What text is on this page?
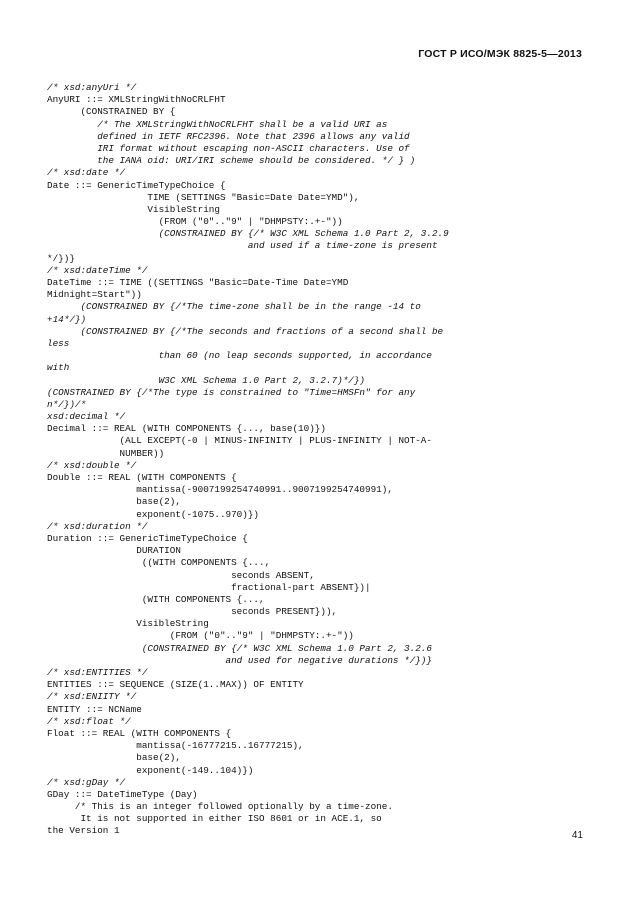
ГОСТ Р ИСО/МЭК 8825-5—2013
/* xsd:anyUri */
AnyURI ::= XMLStringWithNoCRLFHT
(CONSTRAINED BY {
/* The XMLStringWithNoCRLFHT shall be a valid URI as
defined in IETF RFC2396. Note that 2396 allows any valid
IRI format without escaping non-ASCII characters. Use of
the IANA oid: URI/IRI scheme should be considered. */ } )
/* xsd:date */
Date ::= GenericTimeTypeChoice {
TIME (SETTINGS "Basic=Date Date=YMD"),
VisibleString
(FROM ("0".."9" | "DHMPSTY:.+-"))
(CONSTRAINED BY {/* W3C XML Schema 1.0 Part 2, 3.2.9
and used if a time-zone is present
*/})}
/* xsd:dateTime */
DateTime ::= TIME ((SETTINGS "Basic=Date-Time Date=YMD
Midnight=Start"))
(CONSTRAINED BY {/*The time-zone shall be in the range -14 to
+14*/})
(CONSTRAINED BY {/*The seconds and fractions of a second shall be
less
than 60 (no leap seconds supported, in accordance
with
W3C XML Schema 1.0 Part 2, 3.2.7)*/})
(CONSTRAINED BY {/*The type is constrained to "Time=HMSFn" for any
n*/})/*
xsd:decimal */
Decimal ::= REAL (WITH COMPONENTS {..., base(10)})
(ALL EXCEPT(-0 | MINUS-INFINITY | PLUS-INFINITY | NOT-A-
NUMBER))
/* xsd:double */
Double ::= REAL (WITH COMPONENTS {
mantissa(-9007199254740991..9007199254740991),
base(2),
exponent(-1075..970)})
/* xsd:duration */
Duration ::= GenericTimeTypeChoice {
DURATION
((WITH COMPONENTS {...,
seconds ABSENT,
fractional-part ABSENT})|
(WITH COMPONENTS {...,
seconds PRESENT})),
VisibleString
(FROM ("0".."9" | "DHMPSTY:.+-"))
(CONSTRAINED BY {/* W3C XML Schema 1.0 Part 2, 3.2.6
and used for negative durations */})}
/* xsd:ENTITIES */
ENTITIES ::= SEQUENCE (SIZE(1..MAX)) OF ENTITY
/* xsd:ENIITY */
ENTITY ::= NCName
/* xsd:float */
Float ::= REAL (WITH COMPONENTS {
mantissa(-16777215..16777215),
base(2),
exponent(-149..104)})
/* xsd:gDay */
GDay ::= DateTimeType (Day)
/* This is an integer followed optionally by a time-zone.
It is not supported in either ISO 8601 or in ACE.1, so
the Version 1	41
